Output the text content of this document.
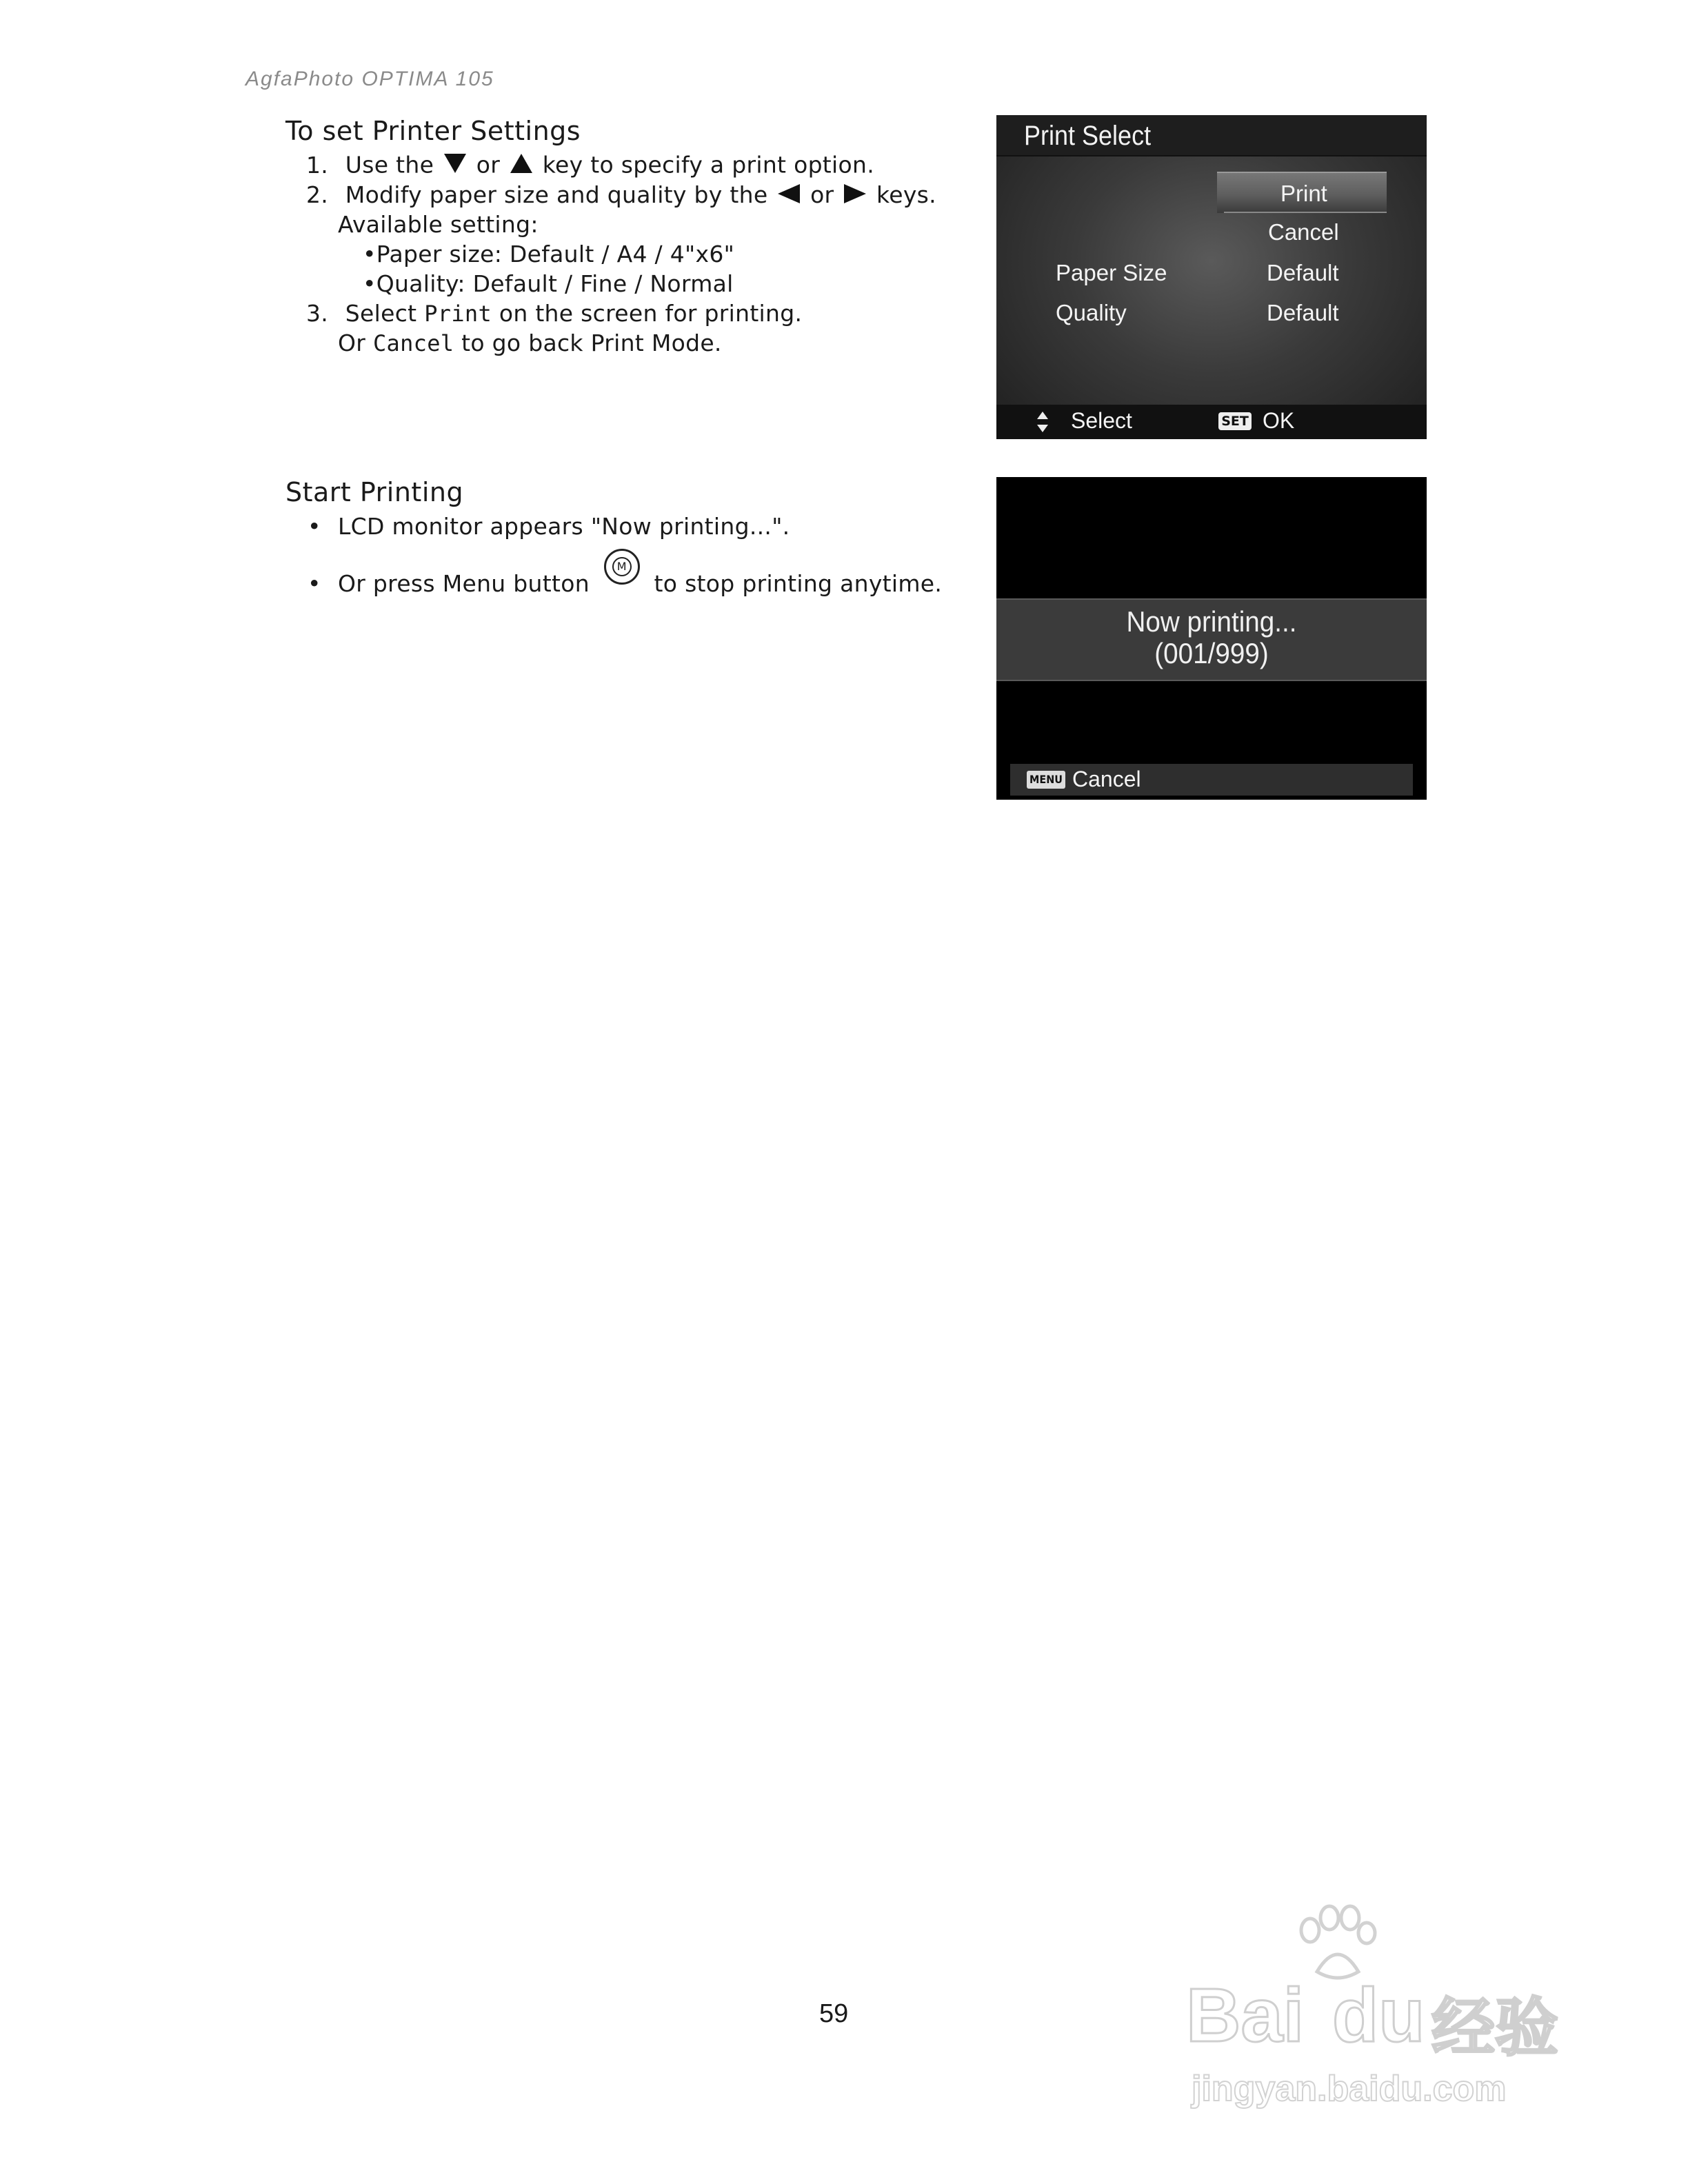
AgfaPhoto OPTIMA 105
To set Printer Settings
1. Use the or key to specify a print option.
2. Modify paper size and quality by the or keys.
Available setting:
•Paper size: Default / A4 / 4"x6"
•Quality: Default / Fine / Normal
3. Select Print on the screen for printing.
Or Cancel to go back Print Mode.
Print Select
Print
Cancel
Paper Size	Default
Quality	Default
Select	SET OK
Start Printing
• LCD monitor appears "Now printing...".
• Or press Menu button
M
to stop printing anytime.
Now printing...
(001/999)
MENU Cancel
59	Bai du 经验
jingyan.baidu.com
